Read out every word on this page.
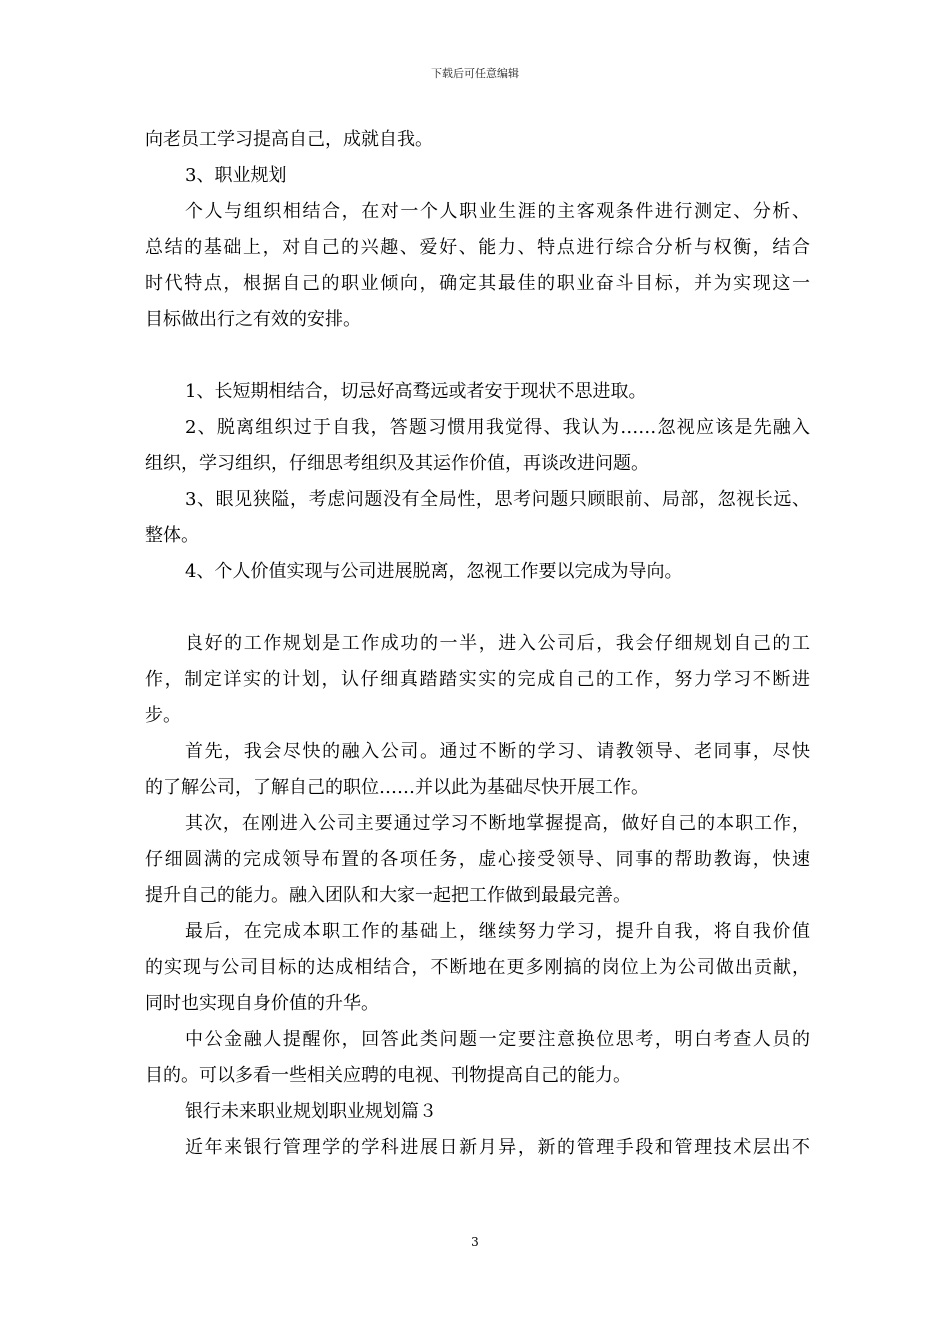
下载后可任意编辑
向老员工学习提高自己，成就自我。
3、职业规划
个人与组织相结合，在对一个人职业生涯的主客观条件进行测定、分析、
总结的基础上，对自己的兴趣、爱好、能力、特点进行综合分析与权衡，结合
时代特点，根据自己的职业倾向，确定其最佳的职业奋斗目标，并为实现这一
目标做出行之有效的安排。
1、长短期相结合，切忌好高骛远或者安于现状不思进取。
2、脱离组织过于自我，答题习惯用我觉得、我认为……忽视应该是先融入
组织，学习组织，仔细思考组织及其运作价值，再谈改进问题。
3、眼见狭隘，考虑问题没有全局性，思考问题只顾眼前、局部，忽视长远、
整体。
4、个人价值实现与公司进展脱离，忽视工作要以完成为导向。
良好的工作规划是工作成功的一半，进入公司后，我会仔细规划自己的工
作，制定详实的计划，认仔细真踏踏实实的完成自己的工作，努力学习不断进
步。
首先，我会尽快的融入公司。通过不断的学习、请教领导、老同事，尽快
的了解公司，了解自己的职位……并以此为基础尽快开展工作。
其次，在刚进入公司主要通过学习不断地掌握提高，做好自己的本职工作，
仔细圆满的完成领导布置的各项任务，虚心接受领导、同事的帮助教诲，快速
提升自己的能力。融入团队和大家一起把工作做到最最完善。
最后，在完成本职工作的基础上，继续努力学习，提升自我，将自我价值
的实现与公司目标的达成相结合，不断地在更多刚搞的岗位上为公司做出贡献，
同时也实现自身价值的升华。
中公金融人提醒你，回答此类问题一定要注意换位思考，明白考查人员的
目的。可以多看一些相关应聘的电视、刊物提高自己的能力。
银行未来职业规划职业规划篇３
近年来银行管理学的学科进展日新月异，新的管理手段和管理技术层出不
3
